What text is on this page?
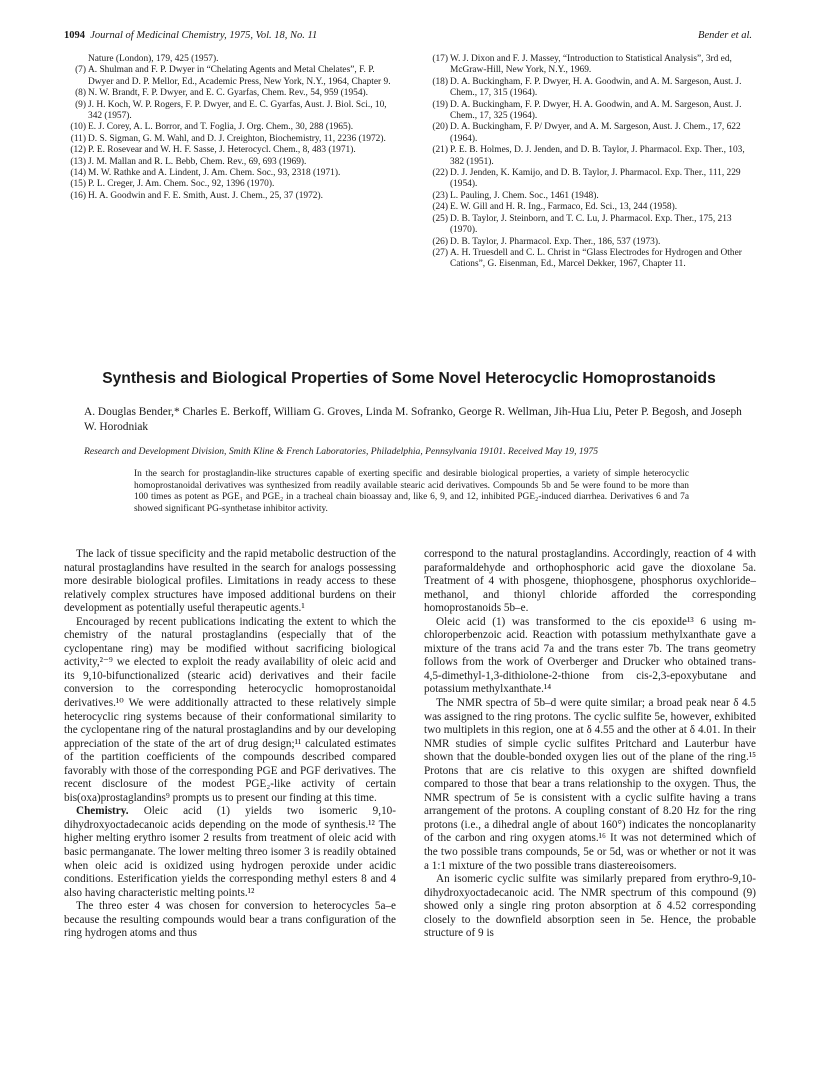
1094 Journal of Medicinal Chemistry, 1975, Vol. 18, No. 11	Bender et al.
Nature (London), 179, 425 (1957).
(7) A. Shulman and F. P. Dwyer in “Chelating Agents and Metal Chelates”, F. P. Dwyer and D. P. Mellor, Ed., Academic Press, New York, N.Y., 1964, Chapter 9.
(8) N. W. Brandt, F. P. Dwyer, and E. C. Gyarfas, Chem. Rev., 54, 959 (1954).
(9) J. H. Koch, W. P. Rogers, F. P. Dwyer, and E. C. Gyarfas, Aust. J. Biol. Sci., 10, 342 (1957).
(10) E. J. Corey, A. L. Borror, and T. Foglia, J. Org. Chem., 30, 288 (1965).
(11) D. S. Sigman, G. M. Wahl, and D. J. Creighton, Biochemistry, 11, 2236 (1972).
(12) P. E. Rosevear and W. H. F. Sasse, J. Heterocycl. Chem., 8, 483 (1971).
(13) J. M. Mallan and R. L. Bebb, Chem. Rev., 69, 693 (1969).
(14) M. W. Rathke and A. Lindent, J. Am. Chem. Soc., 93, 2318 (1971).
(15) P. L. Creger, J. Am. Chem. Soc., 92, 1396 (1970).
(16) H. A. Goodwin and F. E. Smith, Aust. J. Chem., 25, 37 (1972).
(17) W. J. Dixon and F. J. Massey, “Introduction to Statistical Analysis”, 3rd ed, McGraw-Hill, New York, N.Y., 1969.
(18) D. A. Buckingham, F. P. Dwyer, H. A. Goodwin, and A. M. Sargeson, Aust. J. Chem., 17, 315 (1964).
(19) D. A. Buckingham, F. P. Dwyer, H. A. Goodwin, and A. M. Sargeson, Aust. J. Chem., 17, 325 (1964).
(20) D. A. Buckingham, F. P/ Dwyer, and A. M. Sargeson, Aust. J. Chem., 17, 622 (1964).
(21) P. E. B. Holmes, D. J. Jenden, and D. B. Taylor, J. Pharmacol. Exp. Ther., 103, 382 (1951).
(22) D. J. Jenden, K. Kamijo, and D. B. Taylor, J. Pharmacol. Exp. Ther., 111, 229 (1954).
(23) L. Pauling, J. Chem. Soc., 1461 (1948).
(24) E. W. Gill and H. R. Ing., Farmaco, Ed. Sci., 13, 244 (1958).
(25) D. B. Taylor, J. Steinborn, and T. C. Lu, J. Pharmacol. Exp. Ther., 175, 213 (1970).
(26) D. B. Taylor, J. Pharmacol. Exp. Ther., 186, 537 (1973).
(27) A. H. Truesdell and C. L. Christ in “Glass Electrodes for Hydrogen and Other Cations”, G. Eisenman, Ed., Marcel Dekker, 1967, Chapter 11.
Synthesis and Biological Properties of Some Novel Heterocyclic Homoprostanoids
A. Douglas Bender,* Charles E. Berkoff, William G. Groves, Linda M. Sofranko, George R. Wellman, Jih-Hua Liu, Peter P. Begosh, and Joseph W. Horodniak
Research and Development Division, Smith Kline & French Laboratories, Philadelphia, Pennsylvania 19101. Received May 19, 1975
In the search for prostaglandin-like structures capable of exerting specific and desirable biological properties, a variety of simple heterocyclic homoprostanoidal derivatives was synthesized from readily available stearic acid derivatives. Compounds 5b and 5e were found to be more than 100 times as potent as PGE₁ and PGE₂ in a tracheal chain bioassay and, like 6, 9, and 12, inhibited PGE₂-induced diarrhea. Derivatives 6 and 7a showed significant PG-synthetase inhibitor activity.

The lack of tissue specificity and the rapid metabolic destruction of the natural prostaglandins have resulted in the search for analogs possessing more desirable biological profiles. Limitations in ready access to these relatively complex structures have imposed additional burdens on their development as potentially useful therapeutic agents.¹

Encouraged by recent publications indicating the extent to which the chemistry of the natural prostaglandins (especially that of the cyclopentane ring) may be modified without sacrificing biological activity,²⁻⁹ we elected to exploit the ready availability of oleic acid and its 9,10-bifunctionalized (stearic acid) derivatives and their facile conversion to the corresponding heterocyclic homoprostanoidal derivatives.¹⁰ We were additionally attracted to these relatively simple heterocyclic ring systems because of their conformational similarity to the cyclopentane ring of the natural prostaglandins and by our developing appreciation of the state of the art of drug design;¹¹ calculated estimates of the partition coefficients of the compounds described compared favorably with those of the corresponding PGE and PGF derivatives. The recent disclosure of the modest PGE₂-like activity of certain bis(oxa)prostaglandins⁹ prompts us to present our finding at this time.

Chemistry. Oleic acid (1) yields two isomeric 9,10-dihydroxyoctadecanoic acids depending on the mode of synthesis.¹² The higher melting erythro isomer 2 results from treatment of oleic acid with basic permanganate. The lower melting threo isomer 3 is readily obtained when oleic acid is oxidized using hydrogen peroxide under acidic conditions. Esterification yields the corresponding methyl esters 8 and 4 also having characteristic melting points.¹²

The threo ester 4 was chosen for conversion to heterocycles 5a–e because the resulting compounds would bear a trans configuration of the ring hydrogen atoms and thus

correspond to the natural prostaglandins. Accordingly, reaction of 4 with paraformaldehyde and orthophosphoric acid gave the dioxolane 5a. Treatment of 4 with phosgene, thiophosgene, phosphorus oxychloride–methanol, and thionyl chloride afforded the corresponding homoprostanoids 5b–e.

Oleic acid (1) was transformed to the cis epoxide¹³ 6 using m-chloroperbenzoic acid. Reaction with potassium methylxanthate gave a mixture of the trans acid 7a and the trans ester 7b. The trans geometry follows from the work of Overberger and Drucker who obtained trans-4,5-dimethyl-1,3-dithiolone-2-thione from cis-2,3-epoxybutane and potassium methylxanthate.¹⁴

The NMR spectra of 5b–d were quite similar; a broad peak near δ 4.5 was assigned to the ring protons. The cyclic sulfite 5e, however, exhibited two multiplets in this region, one at δ 4.55 and the other at δ 4.01. In their NMR studies of simple cyclic sulfites Pritchard and Lauterbur have shown that the double-bonded oxygen lies out of the plane of the ring.¹⁵ Protons that are cis relative to this oxygen are shifted downfield compared to those that bear a trans relationship to the oxygen. Thus, the NMR spectrum of 5e is consistent with a cyclic sulfite having a trans arrangement of the protons. A coupling constant of 8.20 Hz for the ring protons (i.e., a dihedral angle of about 160°) indicates the noncoplanarity of the carbon and ring oxygen atoms.¹⁶ It was not determined which of the two possible trans compounds, 5e or 5d, was or whether or not it was a 1:1 mixture of the two possible trans diastereoisomers.

An isomeric cyclic sulfite was similarly prepared from erythro-9,10-dihydroxyoctadecanoic acid. The NMR spectrum of this compound (9) showed only a single ring proton absorption at δ 4.52 corresponding closely to the downfield absorption seen in 5e. Hence, the probable structure of 9 is
